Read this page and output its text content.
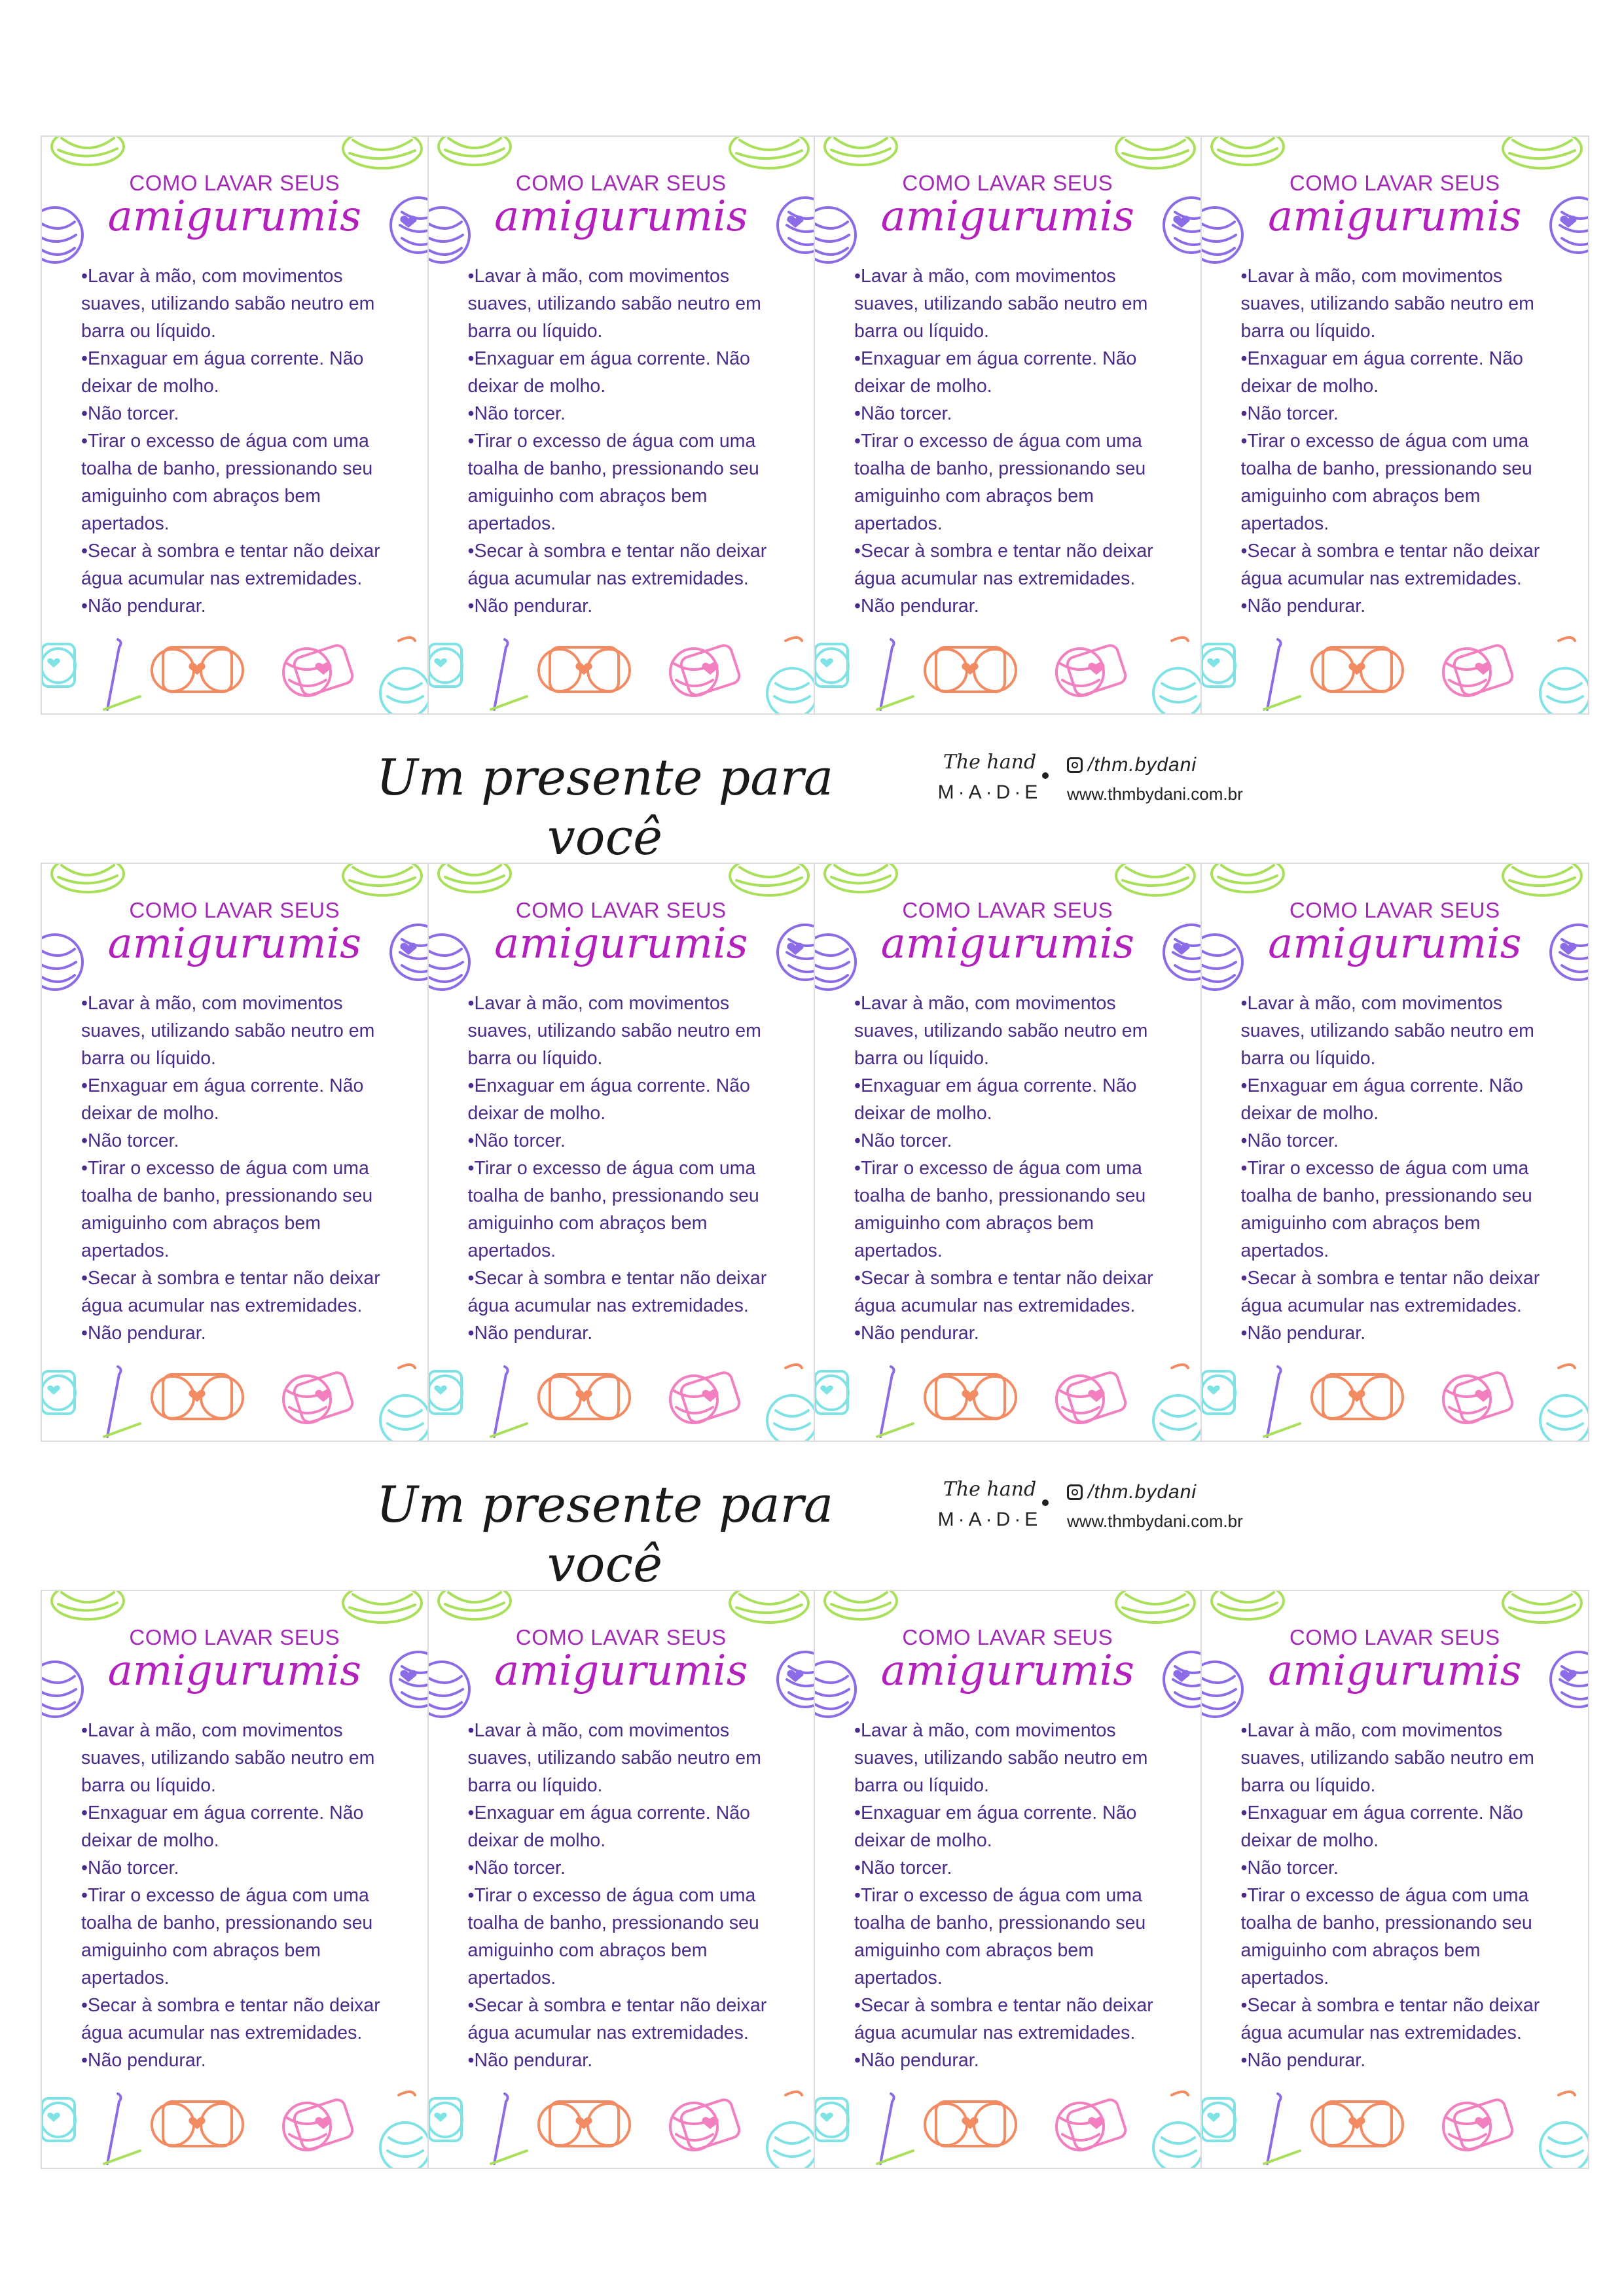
COMO LAVAR SEUS
amigurumis
• Lavar à mão, com movimentos suaves, utilizando sabão neutro em barra ou líquido.
• Enxaguar em água corrente. Não deixar de molho.
• Não torcer.
• Tirar o excesso de água com uma toalha de banho, pressionando seu amiguinho com abraços bem apertados.
• Secar à sombra e tentar não deixar água acumular nas extremidades.
• Não pendurar.
COMO LAVAR SEUS
amigurumis
• Lavar à mão, com movimentos suaves, utilizando sabão neutro em barra ou líquido.
• Enxaguar em água corrente. Não deixar de molho.
• Não torcer.
• Tirar o excesso de água com uma toalha de banho, pressionando seu amiguinho com abraços bem apertados.
• Secar à sombra e tentar não deixar água acumular nas extremidades.
• Não pendurar.
COMO LAVAR SEUS
amigurumis
• Lavar à mão, com movimentos suaves, utilizando sabão neutro em barra ou líquido.
• Enxaguar em água corrente. Não deixar de molho.
• Não torcer.
• Tirar o excesso de água com uma toalha de banho, pressionando seu amiguinho com abraços bem apertados.
• Secar à sombra e tentar não deixar água acumular nas extremidades.
• Não pendurar.
COMO LAVAR SEUS
amigurumis
• Lavar à mão, com movimentos suaves, utilizando sabão neutro em barra ou líquido.
• Enxaguar em água corrente. Não deixar de molho.
• Não torcer.
• Tirar o excesso de água com uma toalha de banho, pressionando seu amiguinho com abraços bem apertados.
• Secar à sombra e tentar não deixar água acumular nas extremidades.
• Não pendurar.
Um presente para você
The hand
M·A·D·E
/thm.bydani
www.thmbydani.com.br
COMO LAVAR SEUS
amigurumis
• Lavar à mão, com movimentos suaves, utilizando sabão neutro em barra ou líquido.
• Enxaguar em água corrente. Não deixar de molho.
• Não torcer.
• Tirar o excesso de água com uma toalha de banho, pressionando seu amiguinho com abraços bem apertados.
• Secar à sombra e tentar não deixar água acumular nas extremidades.
• Não pendurar.
COMO LAVAR SEUS
amigurumis
• Lavar à mão, com movimentos suaves, utilizando sabão neutro em barra ou líquido.
• Enxaguar em água corrente. Não deixar de molho.
• Não torcer.
• Tirar o excesso de água com uma toalha de banho, pressionando seu amiguinho com abraços bem apertados.
• Secar à sombra e tentar não deixar água acumular nas extremidades.
• Não pendurar.
COMO LAVAR SEUS
amigurumis
• Lavar à mão, com movimentos suaves, utilizando sabão neutro em barra ou líquido.
• Enxaguar em água corrente. Não deixar de molho.
• Não torcer.
• Tirar o excesso de água com uma toalha de banho, pressionando seu amiguinho com abraços bem apertados.
• Secar à sombra e tentar não deixar água acumular nas extremidades.
• Não pendurar.
COMO LAVAR SEUS
amigurumis
• Lavar à mão, com movimentos suaves, utilizando sabão neutro em barra ou líquido.
• Enxaguar em água corrente. Não deixar de molho.
• Não torcer.
• Tirar o excesso de água com uma toalha de banho, pressionando seu amiguinho com abraços bem apertados.
• Secar à sombra e tentar não deixar água acumular nas extremidades.
• Não pendurar.
Um presente para você
The hand
M·A·D·E
/thm.bydani
www.thmbydani.com.br
COMO LAVAR SEUS
amigurumis
• Lavar à mão, com movimentos suaves, utilizando sabão neutro em barra ou líquido.
• Enxaguar em água corrente. Não deixar de molho.
• Não torcer.
• Tirar o excesso de água com uma toalha de banho, pressionando seu amiguinho com abraços bem apertados.
• Secar à sombra e tentar não deixar água acumular nas extremidades.
• Não pendurar.
COMO LAVAR SEUS
amigurumis
• Lavar à mão, com movimentos suaves, utilizando sabão neutro em barra ou líquido.
• Enxaguar em água corrente. Não deixar de molho.
• Não torcer.
• Tirar o excesso de água com uma toalha de banho, pressionando seu amiguinho com abraços bem apertados.
• Secar à sombra e tentar não deixar água acumular nas extremidades.
• Não pendurar.
COMO LAVAR SEUS
amigurumis
• Lavar à mão, com movimentos suaves, utilizando sabão neutro em barra ou líquido.
• Enxaguar em água corrente. Não deixar de molho.
• Não torcer.
• Tirar o excesso de água com uma toalha de banho, pressionando seu amiguinho com abraços bem apertados.
• Secar à sombra e tentar não deixar água acumular nas extremidades.
• Não pendurar.
COMO LAVAR SEUS
amigurumis
• Lavar à mão, com movimentos suaves, utilizando sabão neutro em barra ou líquido.
• Enxaguar em água corrente. Não deixar de molho.
• Não torcer.
• Tirar o excesso de água com uma toalha de banho, pressionando seu amiguinho com abraços bem apertados.
• Secar à sombra e tentar não deixar água acumular nas extremidades.
• Não pendurar.
